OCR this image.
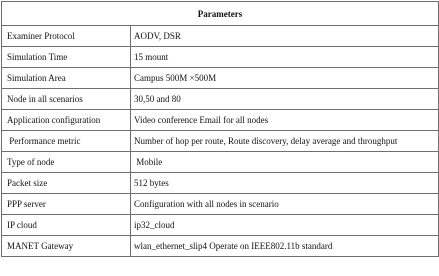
Parameters	
Examiner Protocol	AODV, DSR
Simulation Time	15 mount
Simulation Area	Campus 500M ×500M
Node in all scenarios	30,50 and 80
Application configuration	Video conference Email for all nodes
Performance metric	Number of hop per route, Route discovery, delay average and throughput
Type of node	Mobile
Packet size	512 bytes
PPP server	Configuration with all nodes in scenario
IP cloud	ip32_cloud
MANET Gateway	wlan_ethernet_slip4 Operate on IEEE802.11b standard
